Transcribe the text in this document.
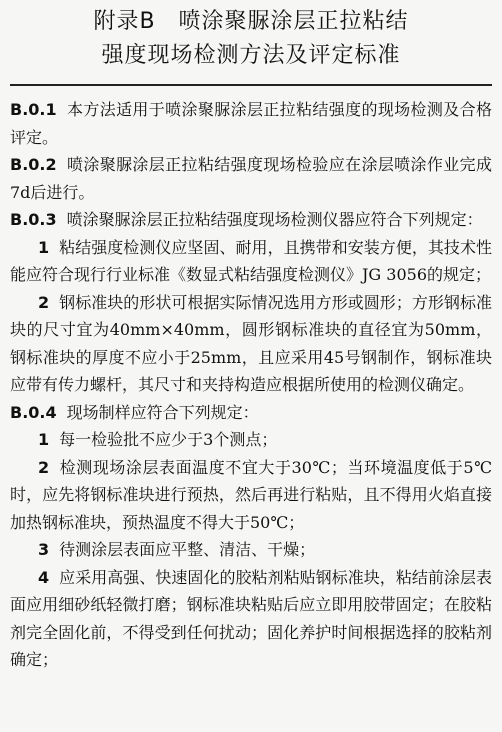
附录B　喷涂聚脲涂层正拉粘结
强度现场检测方法及评定标准

B.0.1 本方法适用于喷涂聚脲涂层正拉粘结强度的现场检测及合格评定。

B.0.2 喷涂聚脲涂层正拉粘结强度现场检验应在涂层喷涂作业完成7d后进行。

B.0.3 喷涂聚脲涂层正拉粘结强度现场检测仪器应符合下列规定：

1 粘结强度检测仪应坚固、耐用，且携带和安装方便，其技术性能应符合现行行业标准《数显式粘结强度检测仪》JG 3056的规定；

2 钢标准块的形状可根据实际情况选用方形或圆形；方形钢标准块的尺寸宜为40mm×40mm，圆形钢标准块的直径宜为50mm，钢标准块的厚度不应小于25mm，且应采用45号钢制作，钢标准块应带有传力螺杆，其尺寸和夹持构造应根据所使用的检测仪确定。

B.0.4 现场制样应符合下列规定：

1 每一检验批不应少于3个测点；

2 检测现场涂层表面温度不宜大于30℃；当环境温度低于5℃时，应先将钢标准块进行预热，然后再进行粘贴，且不得用火焰直接加热钢标准块，预热温度不得大于50℃；

3 待测涂层表面应平整、清洁、干燥；

4 应采用高强、快速固化的胶粘剂粘贴钢标准块，粘结前涂层表面应用细砂纸轻微打磨；钢标准块粘贴后应立即用胶带固定；在胶粘剂完全固化前，不得受到任何扰动；固化养护时间根据选择的胶粘剂确定；
